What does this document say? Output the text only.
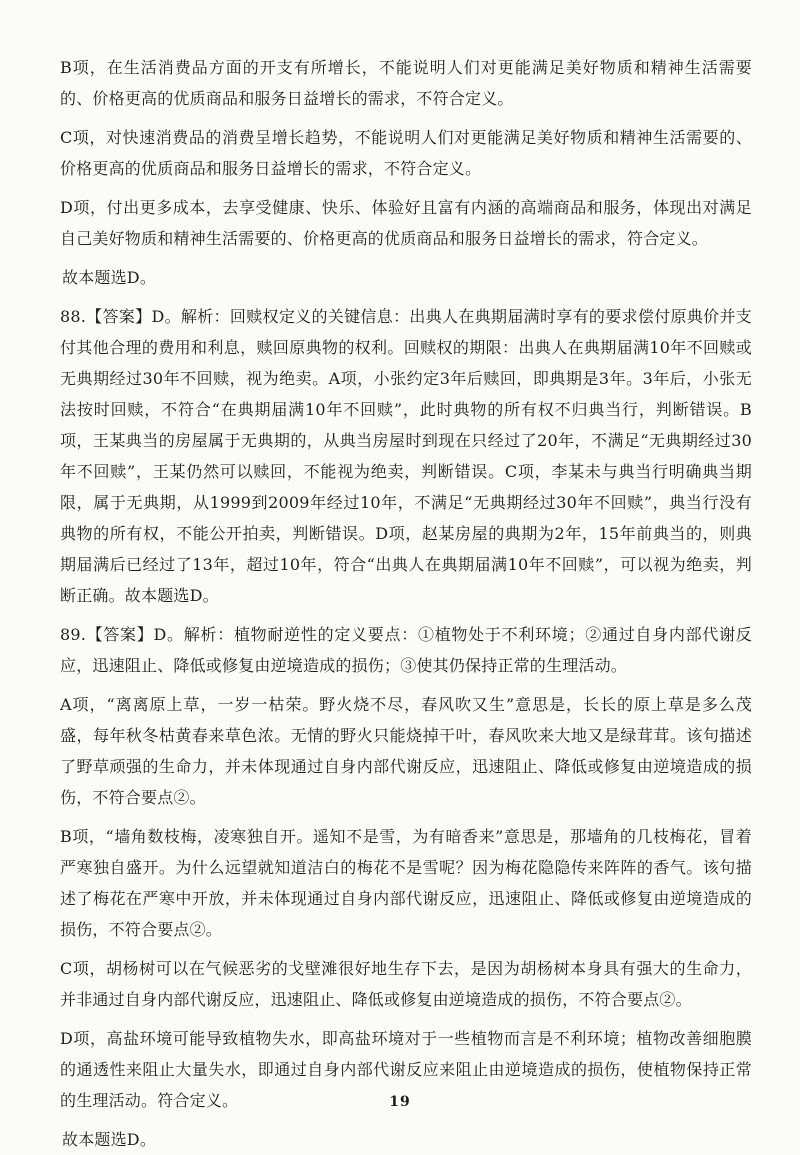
B项，在生活消费品方面的开支有所增长，不能说明人们对更能满足美好物质和精神生活需要的、价格更高的优质商品和服务日益增长的需求，不符合定义。

C项，对快速消费品的消费呈增长趋势，不能说明人们对更能满足美好物质和精神生活需要的、价格更高的优质商品和服务日益增长的需求，不符合定义。

D项，付出更多成本，去享受健康、快乐、体验好且富有内涵的高端商品和服务，体现出对满足自己美好物质和精神生活需要的、价格更高的优质商品和服务日益增长的需求，符合定义。

故本题选D。

88.【答案】D。解析：回赎权定义的关键信息：出典人在典期届满时享有的要求偿付原典价并支付其他合理的费用和利息，赎回原典物的权利。回赎权的期限：出典人在典期届满10年不回赎或无典期经过30年不回赎，视为绝卖。A项，小张约定3年后赎回，即典期是3年。3年后，小张无法按时回赎，不符合“在典期届满10年不回赎”，此时典物的所有权不归典当行，判断错误。B项，王某典当的房屋属于无典期的，从典当房屋时到现在只经过了20年，不满足“无典期经过30年不回赎”，王某仍然可以赎回，不能视为绝卖，判断错误。C项，李某未与典当行明确典当期限，属于无典期，从1999到2009年经过10年，不满足“无典期经过30年不回赎”，典当行没有典物的所有权，不能公开拍卖，判断错误。D项，赵某房屋的典期为2年，15年前典当的，则典期届满后已经过了13年，超过10年，符合“出典人在典期届满10年不回赎”，可以视为绝卖，判断正确。故本题选D。

89.【答案】D。解析：植物耐逆性的定义要点：①植物处于不利环境；②通过自身内部代谢反应，迅速阻止、降低或修复由逆境造成的损伤；③使其仍保持正常的生理活动。

A项，“离离原上草，一岁一枯荣。野火烧不尽，春风吹又生”意思是，长长的原上草是多么茂盛，每年秋冬枯黄春来草色浓。无情的野火只能烧掉干叶，春风吹来大地又是绿茸茸。该句描述了野草顽强的生命力，并未体现通过自身内部代谢反应，迅速阻止、降低或修复由逆境造成的损伤，不符合要点②。

B项，“墙角数枝梅，凌寒独自开。遥知不是雪，为有暗香来”意思是，那墙角的几枝梅花，冒着严寒独自盛开。为什么远望就知道洁白的梅花不是雪呢？因为梅花隐隐传来阵阵的香气。该句描述了梅花在严寒中开放，并未体现通过自身内部代谢反应，迅速阻止、降低或修复由逆境造成的损伤，不符合要点②。

C项，胡杨树可以在气候恶劣的戈壁滩很好地生存下去，是因为胡杨树本身具有强大的生命力，并非通过自身内部代谢反应，迅速阻止、降低或修复由逆境造成的损伤，不符合要点②。

D项，高盐环境可能导致植物失水，即高盐环境对于一些植物而言是不利环境；植物改善细胞膜的通透性来阻止大量失水，即通过自身内部代谢反应来阻止由逆境造成的损伤，使植物保持正常的生理活动。符合定义。

故本题选D。

19
